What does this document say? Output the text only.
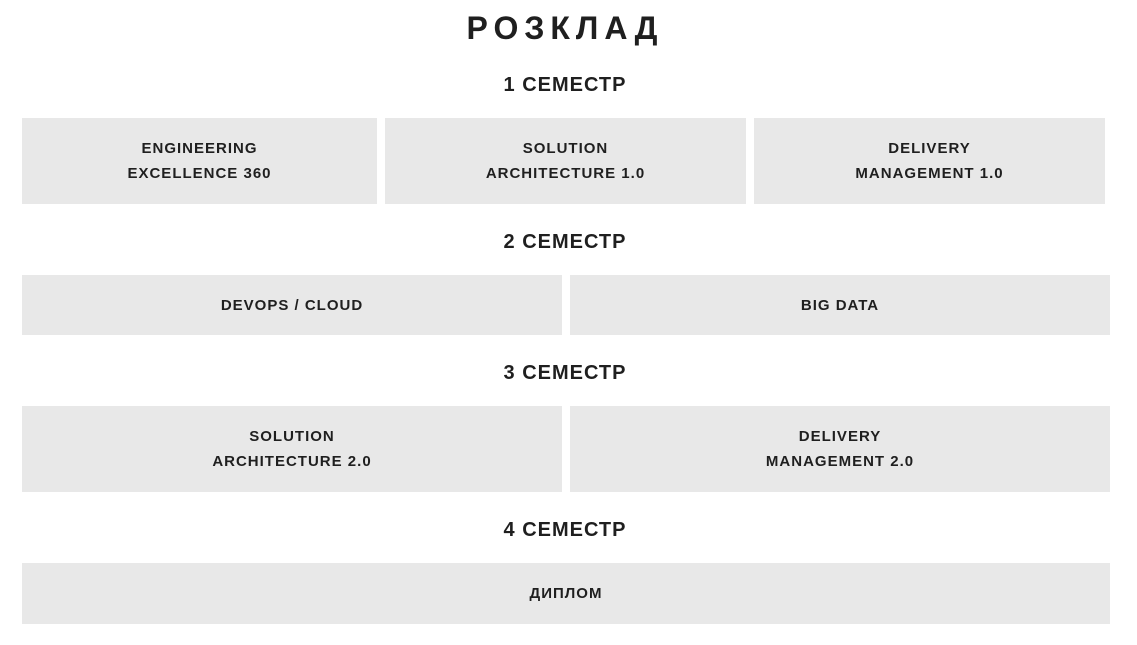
РОЗКЛАД
1 СЕМЕСТР
ENGINEERING
EXCELLENCE 360
SOLUTION
ARCHITECTURE 1.0
DELIVERY
MANAGEMENT 1.0
2 СЕМЕСТР
DEVOPS / CLOUD	BIG DATA
3 СЕМЕСТР
SOLUTION
ARCHITECTURE 2.0
DELIVERY
MANAGEMENT 2.0
4 СЕМЕСТР
ДИПЛОМ
